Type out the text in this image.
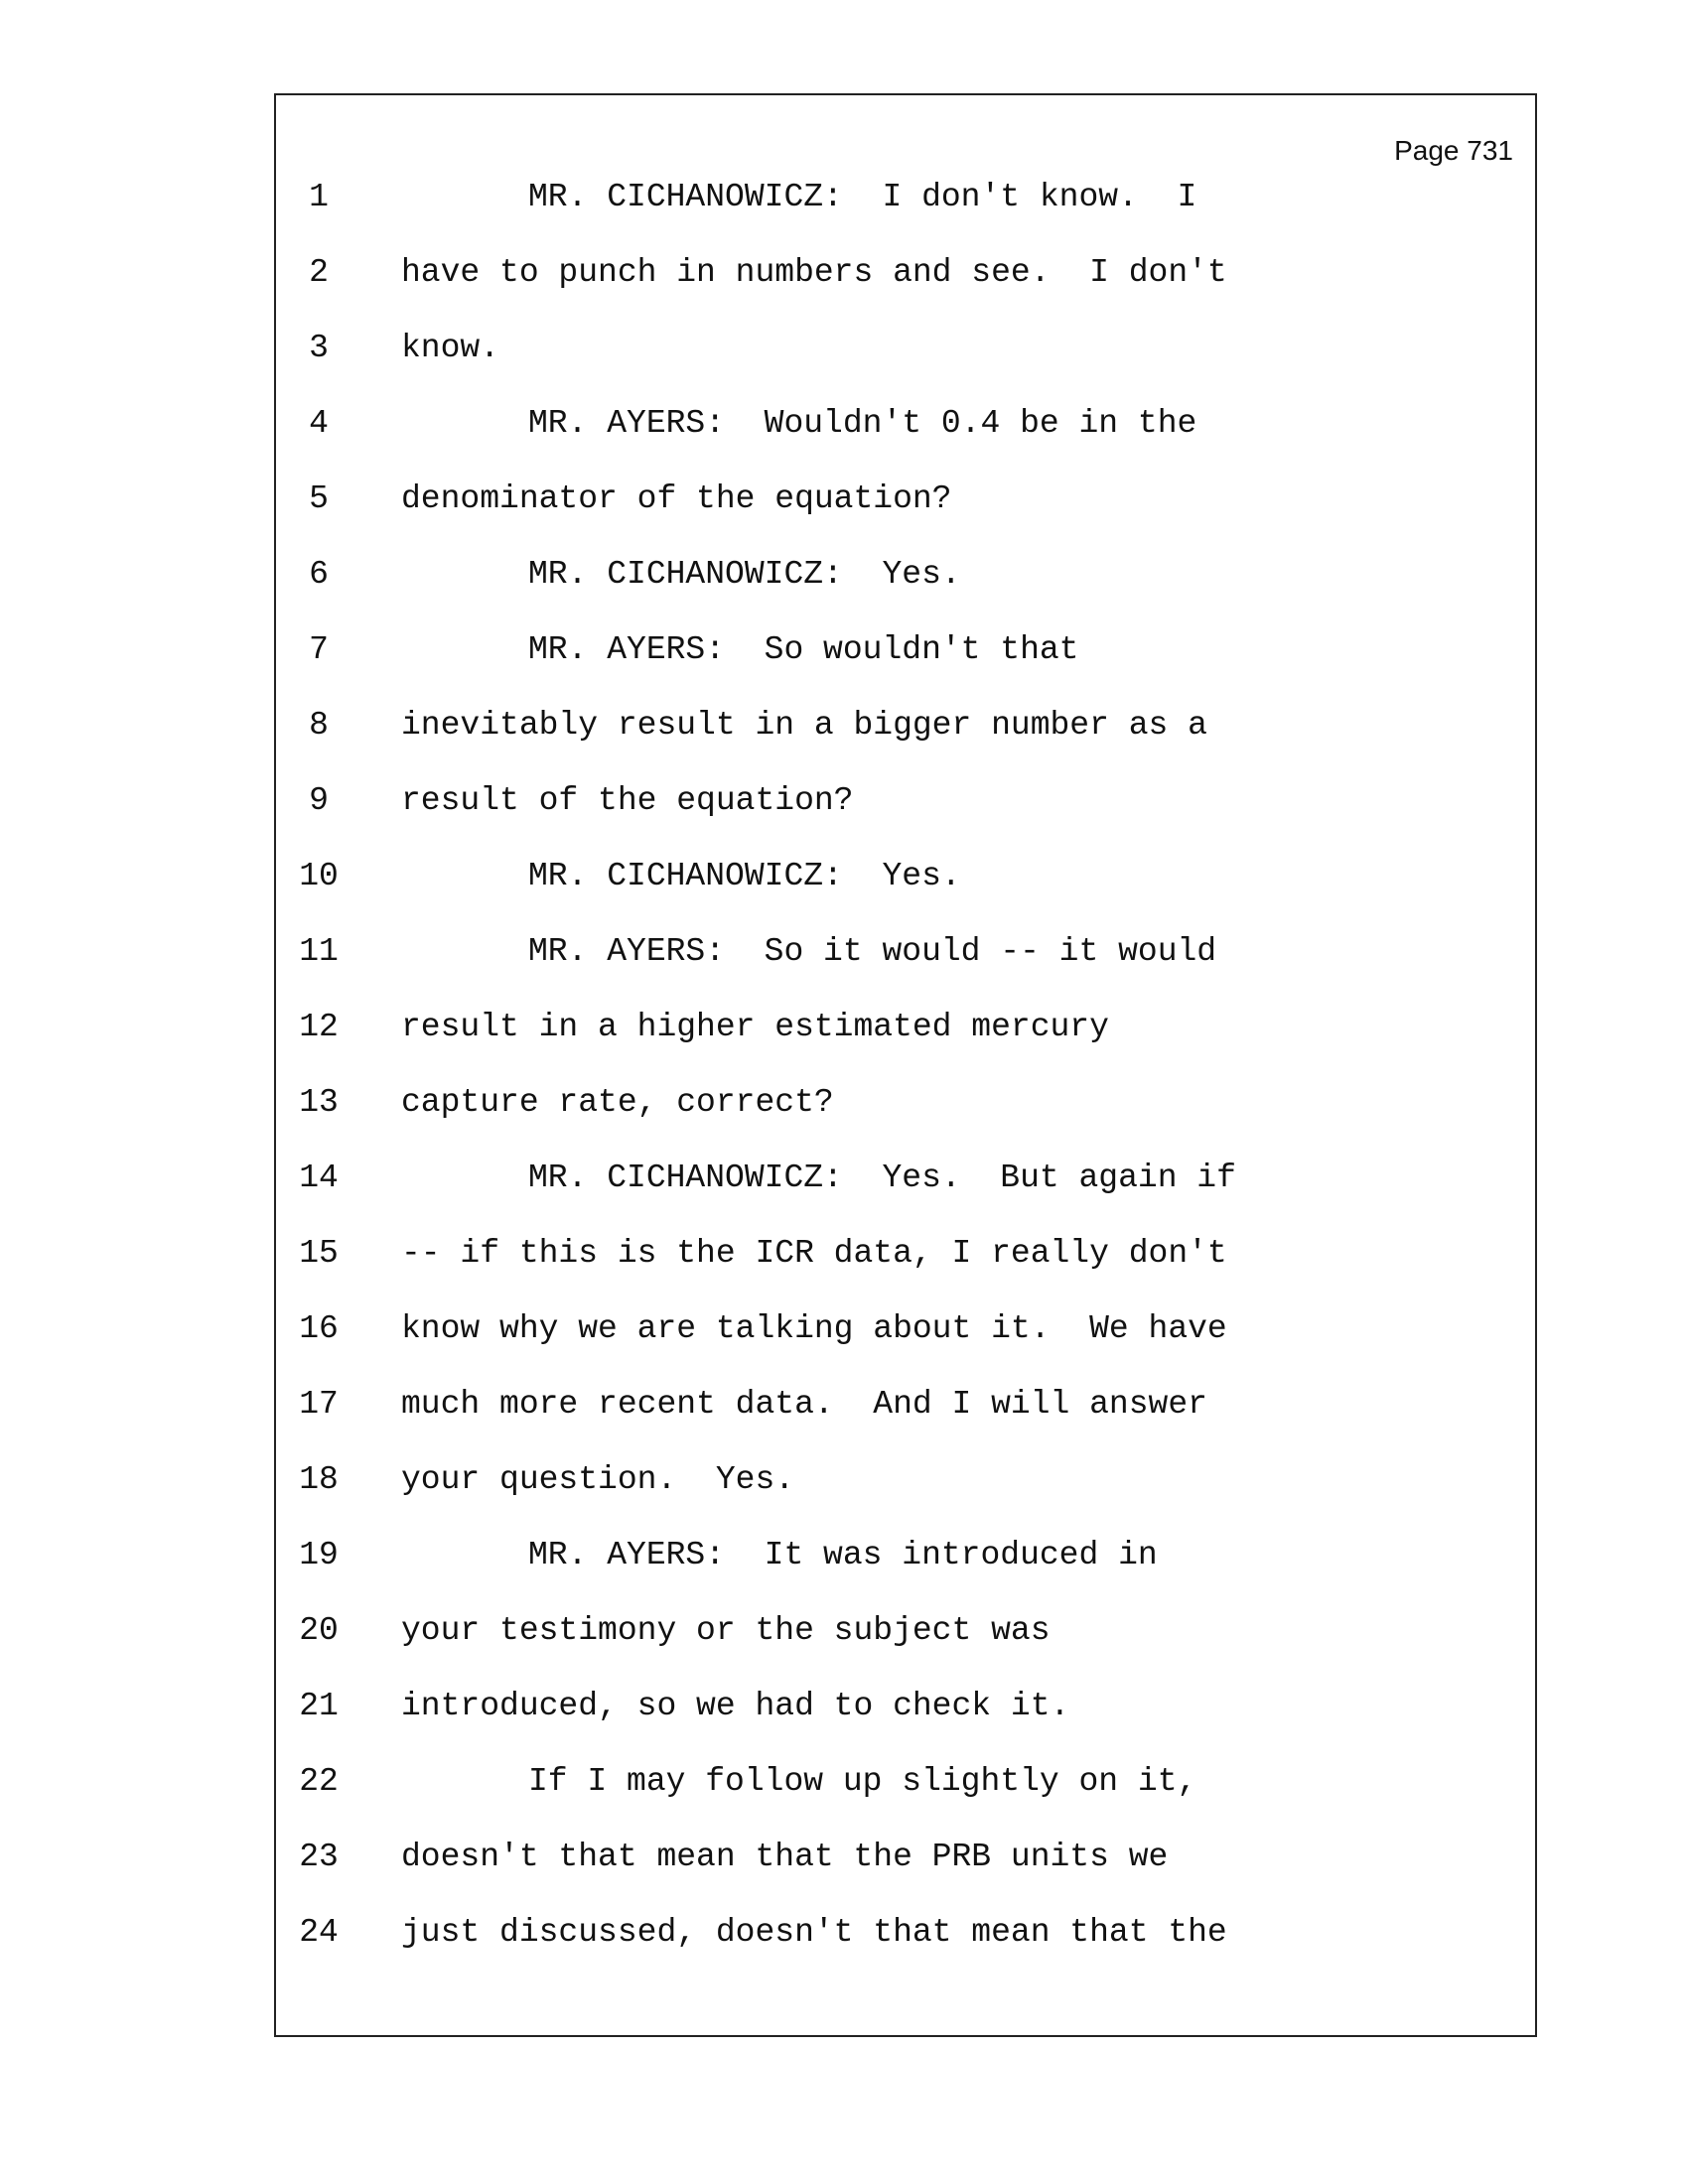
Page 731
1	MR. CICHANOWICZ:  I don't know.  I
2	have to punch in numbers and see.  I don't
3	know.
4	MR. AYERS:  Wouldn't 0.4 be in the
5	denominator of the equation?
6	MR. CICHANOWICZ:  Yes.
7	MR. AYERS:  So wouldn't that
8	inevitably result in a bigger number as a
9	result of the equation?
10	MR. CICHANOWICZ:  Yes.
11	MR. AYERS:  So it would -- it would
12 result in a higher estimated mercury
13 capture rate, correct?
14	MR. CICHANOWICZ:  Yes.  But again if
15 -- if this is the ICR data, I really don't
16 know why we are talking about it.  We have
17 much more recent data.  And I will answer
18 your question.  Yes.
19	MR. AYERS:  It was introduced in
20 your testimony or the subject was
21 introduced, so we had to check it.
22	If I may follow up slightly on it,
23 doesn't that mean that the PRB units we
24 just discussed, doesn't that mean that the
